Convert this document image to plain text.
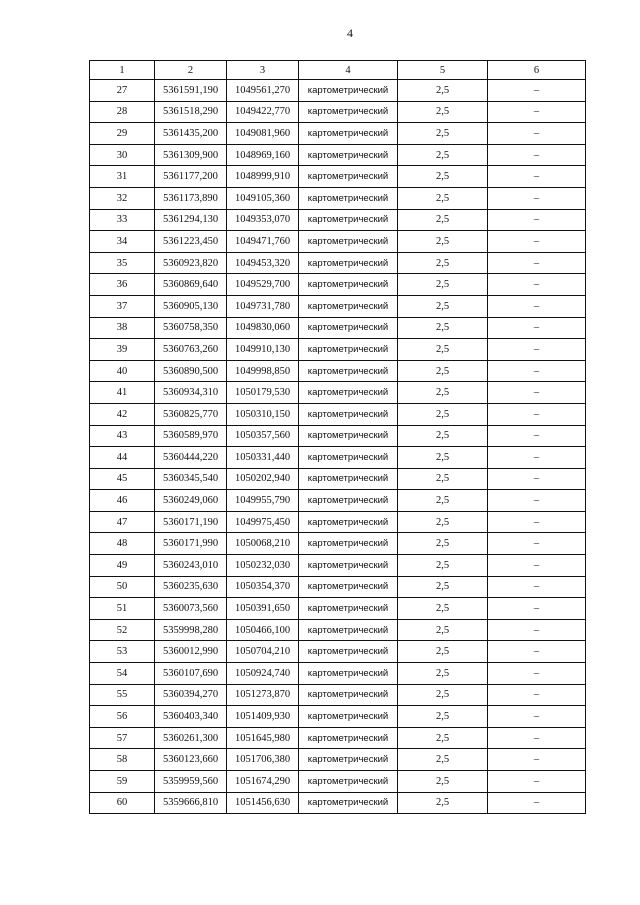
4
1	2	3	4	5	6
27	5361591,190	1049561,270	картометрический	2,5	–
28	5361518,290	1049422,770	картометрический	2,5	–
29	5361435,200	1049081,960	картометрический	2,5	–
30	5361309,900	1048969,160	картометрический	2,5	–
31	5361177,200	1048999,910	картометрический	2,5	–
32	5361173,890	1049105,360	картометрический	2,5	–
33	5361294,130	1049353,070	картометрический	2,5	–
34	5361223,450	1049471,760	картометрический	2,5	–
35	5360923,820	1049453,320	картометрический	2,5	–
36	5360869,640	1049529,700	картометрический	2,5	–
37	5360905,130	1049731,780	картометрический	2,5	–
38	5360758,350	1049830,060	картометрический	2,5	–
39	5360763,260	1049910,130	картометрический	2,5	–
40	5360890,500	1049998,850	картометрический	2,5	–
41	5360934,310	1050179,530	картометрический	2,5	–
42	5360825,770	1050310,150	картометрический	2,5	–
43	5360589,970	1050357,560	картометрический	2,5	–
44	5360444,220	1050331,440	картометрический	2,5	–
45	5360345,540	1050202,940	картометрический	2,5	–
46	5360249,060	1049955,790	картометрический	2,5	–
47	5360171,190	1049975,450	картометрический	2,5	–
48	5360171,990	1050068,210	картометрический	2,5	–
49	5360243,010	1050232,030	картометрический	2,5	–
50	5360235,630	1050354,370	картометрический	2,5	–
51	5360073,560	1050391,650	картометрический	2,5	–
52	5359998,280	1050466,100	картометрический	2,5	–
53	5360012,990	1050704,210	картометрический	2,5	–
54	5360107,690	1050924,740	картометрический	2,5	–
55	5360394,270	1051273,870	картометрический	2,5	–
56	5360403,340	1051409,930	картометрический	2,5	–
57	5360261,300	1051645,980	картометрический	2,5	–
58	5360123,660	1051706,380	картометрический	2,5	–
59	5359959,560	1051674,290	картометрический	2,5	–
60	5359666,810	1051456,630	картометрический	2,5	–
